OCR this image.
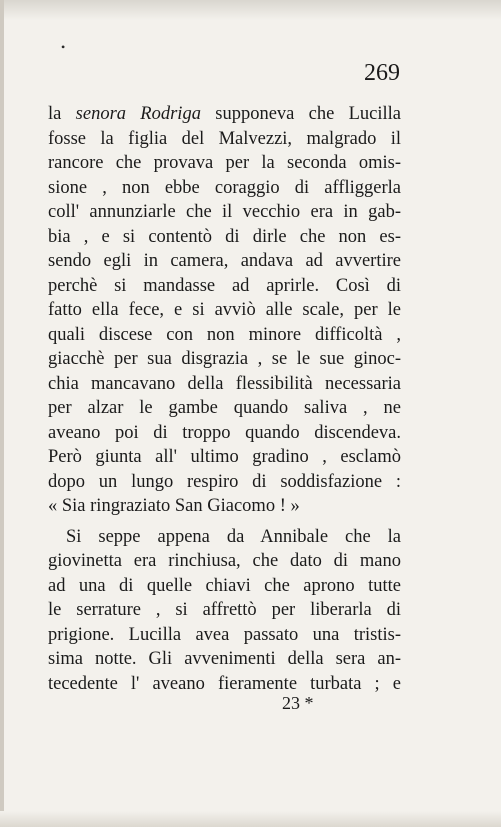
•
269
la senora Rodriga supponeva che Lucilla
fosse la figlia del Malvezzi, malgrado il
rancore che provava per la seconda omis-
sione , non ebbe coraggio di affliggerla
coll' annunziarle che il vecchio era in gab-
bia , e si contentò di dirle che non es-
sendo egli in camera, andava ad avvertire
perchè si mandasse ad aprirle. Così di
fatto ella fece, e si avviò alle scale, per le
quali discese con non minore difficoltà ,
giacchè per sua disgrazia , se le sue ginoc-
chia mancavano della flessibilità necessaria
per alzar le gambe quando saliva , ne
aveano poi di troppo quando discendeva.
Però giunta all' ultimo gradino , esclamò
dopo un lungo respiro di soddisfazione :
« Sia ringraziato San Giacomo ! »
Si seppe appena da Annibale che la
giovinetta era rinchiusa, che dato di mano
ad una di quelle chiavi che aprono tutte
le serrature , si affrettò per liberarla di
prigione. Lucilla avea passato una tristis-
sima notte. Gli avvenimenti della sera an-
tecedente l' aveano fieramente turbata ; e
23 *
